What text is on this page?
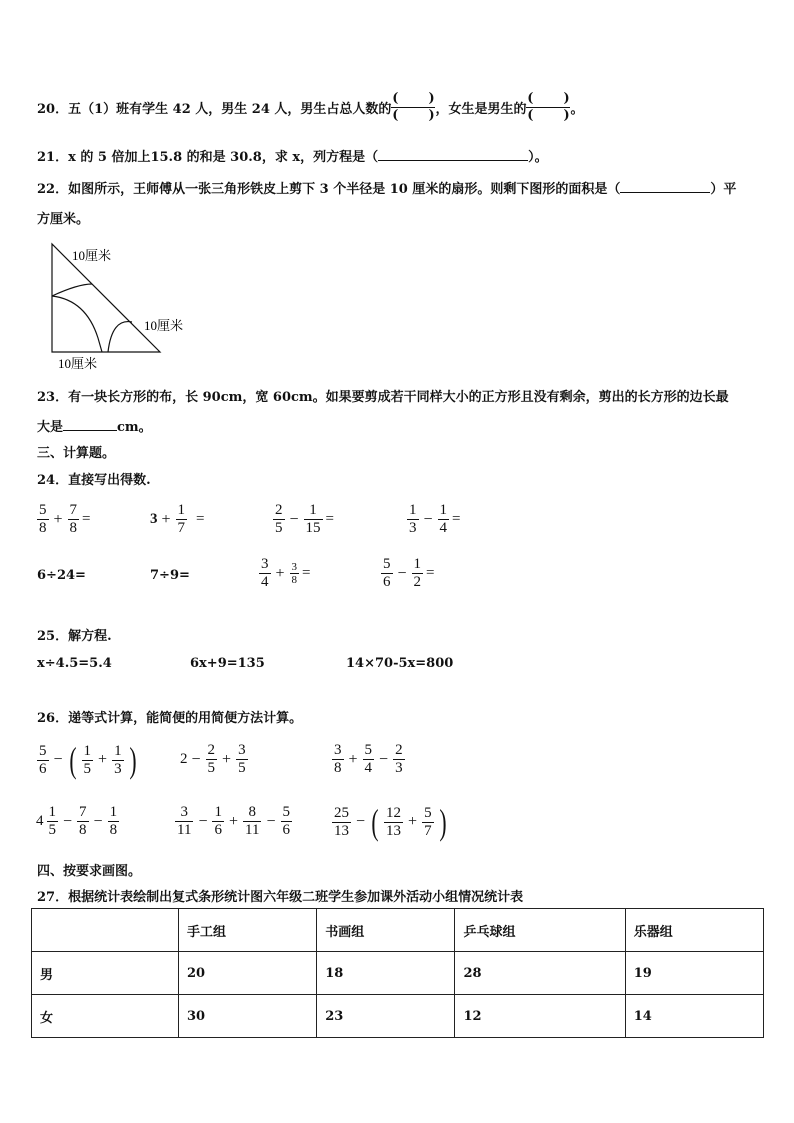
20． 五（1）班有学生 42 人，男生 24 人，男生占总人数的
( )
( ) ，女生是男生的
( )
( ) 。
21．x 的 5 倍加上15.8 的和是 30.8，求 x，列方程是（	）。
22．如图所示，王师傅从一张三角形铁皮上剪下 3 个半径是 10 厘米的扇形。则剩下图形的面积是（	）平
方厘米。
10厘米
10厘米
10厘米
23．有一块长方形的布，长 90cm，宽 60cm。如果要剪成若干同样大小的正方形且没有剩余，剪出的长方形的边长最
大是	cm。
三、计算题。
24．直接写出得数.
$\frac{5}{8} + \frac{7}{8}$ =	$3 + \frac{1}{7}$ =	$\frac{2}{5} - \frac{1}{15}$ =	$\frac{1}{3} - \frac{1}{4}$ =
6÷24=	7÷9=	$\frac{3}{4} + \frac{3}{8}$ =	$\frac{5}{6} - \frac{1}{2}$ =
25．解方程.
x÷4.5=5.4	6x+9=135	14×70-5x=800
26．递等式计算，能简便的用简便方法计算。
$\frac{5}{6}$ − ( $\frac{1}{5} + \frac{1}{3}$ )	$2 - \frac{2}{5} + \frac{3}{5}$	$\frac{3}{8} + \frac{5}{4} - \frac{2}{3}$
$4 \frac{1}{5} - \frac{7}{8} - \frac{1}{8}$	$\frac{3}{11} - \frac{1}{6} + \frac{8}{11} - \frac{5}{6}$	$\frac{25}{13}$ − ( $\frac{12}{13} + \frac{5}{7}$ )
四、按要求画图。
27．根据统计表绘制出复式条形统计图六年级二班学生参加课外活动小组情况统计表
	手工组	书画组	乒乓球组	乐器组
男	20	18	28	19
女	30	23	12	14
